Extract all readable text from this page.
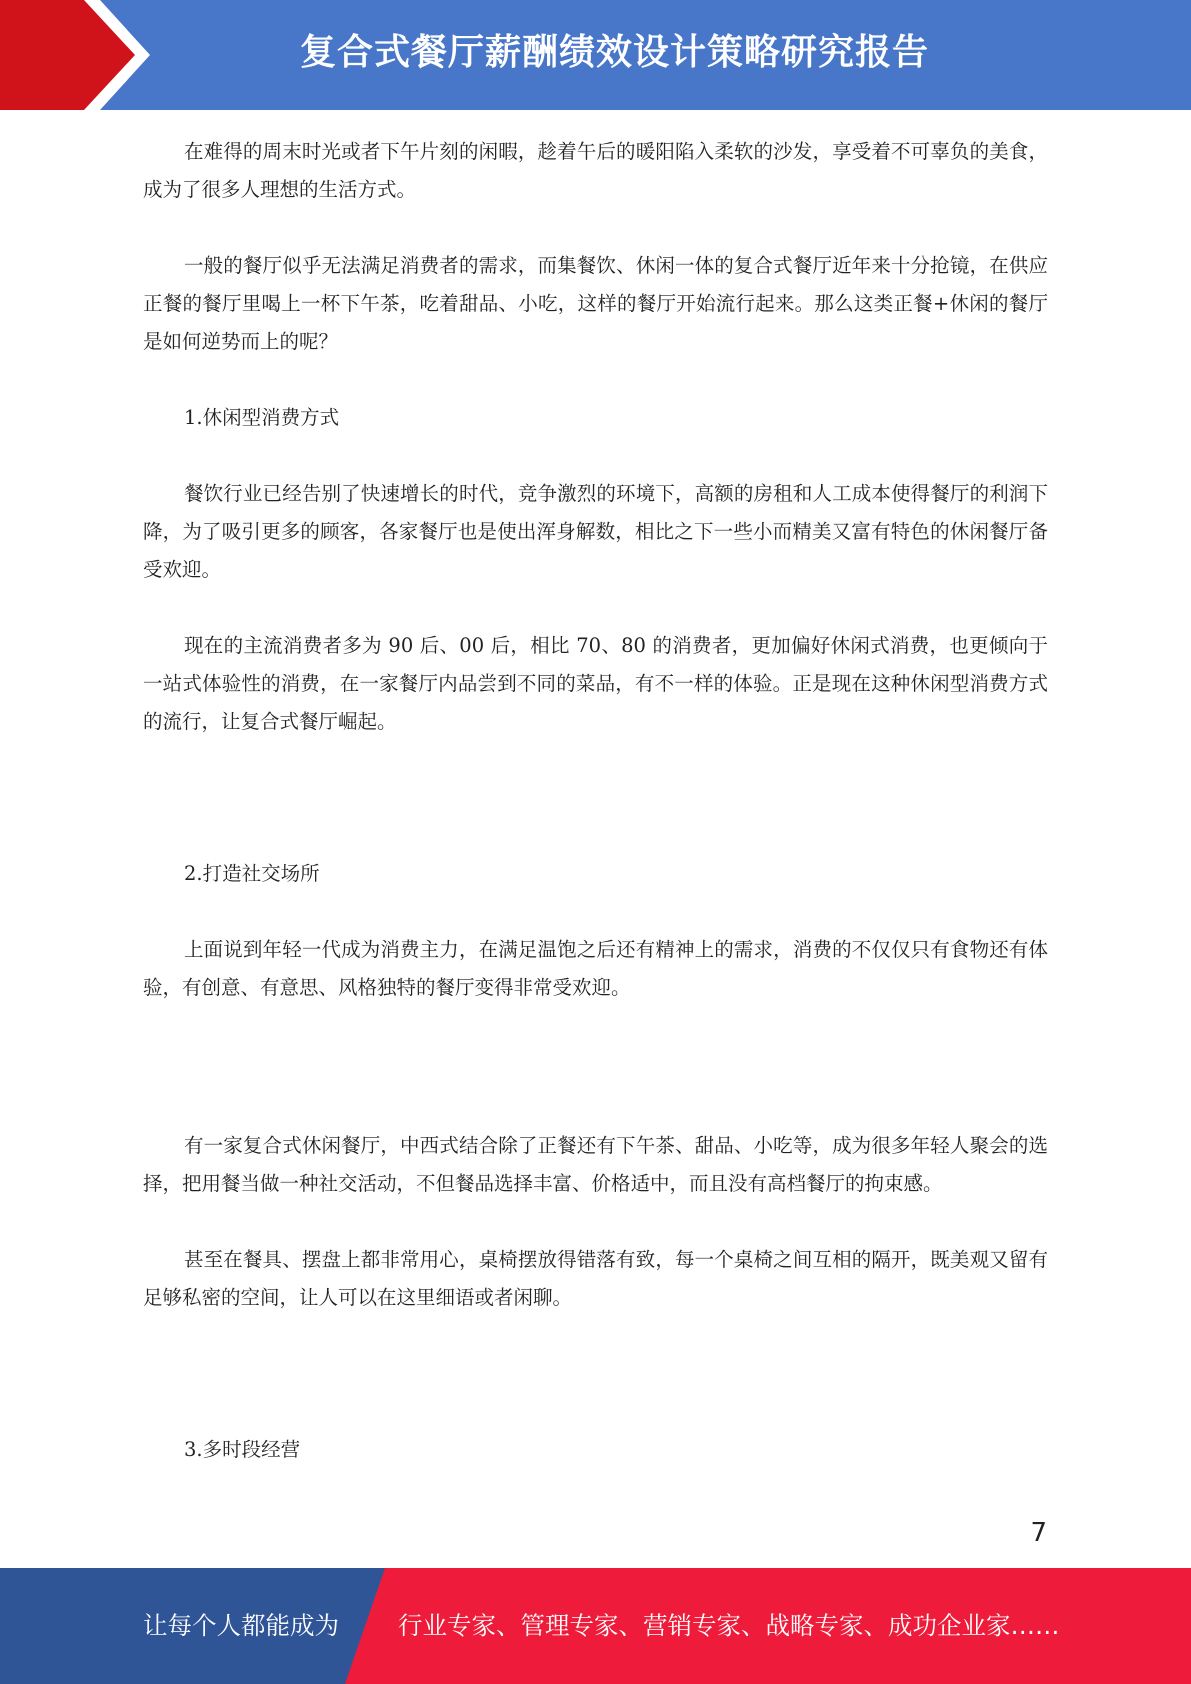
复合式餐厅薪酬绩效设计策略研究报告

在难得的周末时光或者下午片刻的闲暇，趁着午后的暖阳陷入柔软的沙发，享受着不可辜负的美食，成为了很多人理想的生活方式。

一般的餐厅似乎无法满足消费者的需求，而集餐饮、休闲一体的复合式餐厅近年来十分抢镜，在供应正餐的餐厅里喝上一杯下午茶，吃着甜品、小吃，这样的餐厅开始流行起来。那么这类正餐+休闲的餐厅是如何逆势而上的呢？

1.休闲型消费方式

餐饮行业已经告别了快速增长的时代，竞争激烈的环境下，高额的房租和人工成本使得餐厅的利润下降，为了吸引更多的顾客，各家餐厅也是使出浑身解数，相比之下一些小而精美又富有特色的休闲餐厅备受欢迎。

现在的主流消费者多为 90 后、00 后，相比 70、80 的消费者，更加偏好休闲式消费，也更倾向于一站式体验性的消费，在一家餐厅内品尝到不同的菜品，有不一样的体验。正是现在这种休闲型消费方式的流行，让复合式餐厅崛起。

2.打造社交场所

上面说到年轻一代成为消费主力，在满足温饱之后还有精神上的需求，消费的不仅仅只有食物还有体验，有创意、有意思、风格独特的餐厅变得非常受欢迎。

有一家复合式休闲餐厅，中西式结合除了正餐还有下午茶、甜品、小吃等，成为很多年轻人聚会的选择，把用餐当做一种社交活动，不但餐品选择丰富、价格适中，而且没有高档餐厅的拘束感。

甚至在餐具、摆盘上都非常用心，桌椅摆放得错落有致，每一个桌椅之间互相的隔开，既美观又留有足够私密的空间，让人可以在这里细语或者闲聊。

3.多时段经营

7
让每个人都能成为 行业专家、管理专家、营销专家、战略专家、成功企业家……
